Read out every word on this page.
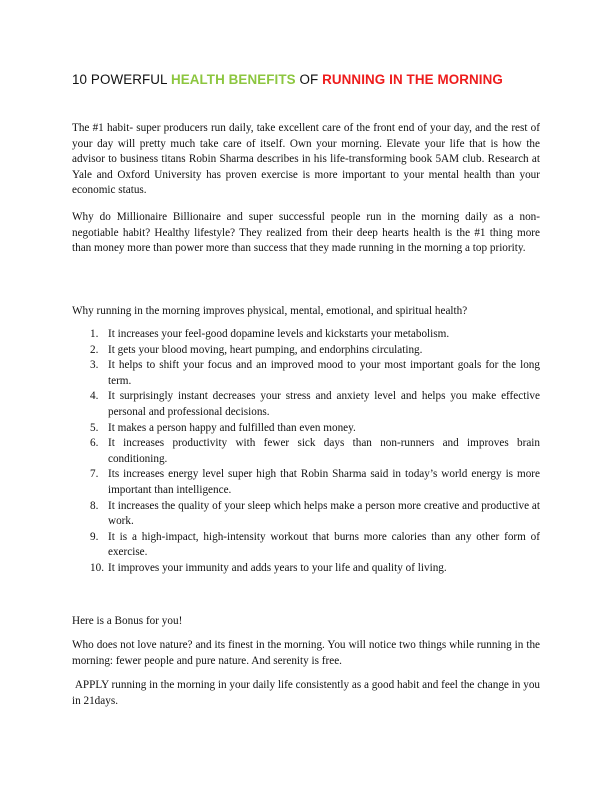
10 POWERFUL HEALTH BENEFITS OF RUNNING IN THE MORNING

The #1 habit- super producers run daily, take excellent care of the front end of your day, and the rest of your day will pretty much take care of itself. Own your morning. Elevate your life that is how the advisor to business titans Robin Sharma describes in his life-transforming book 5AM club. Research at Yale and Oxford University has proven exercise is more important to your mental health than your economic status.

Why do Millionaire Billionaire and super successful people run in the morning daily as a non-negotiable habit? Healthy lifestyle? They realized from their deep hearts health is the #1 thing more than money more than power more than success that they made running in the morning a top priority.

Why running in the morning improves physical, mental, emotional, and spiritual health?

1. It increases your feel-good dopamine levels and kickstarts your metabolism.
2. It gets your blood moving, heart pumping, and endorphins circulating.
3. It helps to shift your focus and an improved mood to your most important goals for the long term.
4. It surprisingly instant decreases your stress and anxiety level and helps you make effective personal and professional decisions.
5. It makes a person happy and fulfilled than even money.
6. It increases productivity with fewer sick days than non-runners and improves brain conditioning.
7. Its increases energy level super high that Robin Sharma said in today’s world energy is more important than intelligence.
8. It increases the quality of your sleep which helps make a person more creative and productive at work.
9. It is a high-impact, high-intensity workout that burns more calories than any other form of exercise.
10. It improves your immunity and adds years to your life and quality of living.

Here is a Bonus for you!

Who does not love nature? and its finest in the morning. You will notice two things while running in the morning: fewer people and pure nature. And serenity is free.

APPLY running in the morning in your daily life consistently as a good habit and feel the change in you in 21days.
